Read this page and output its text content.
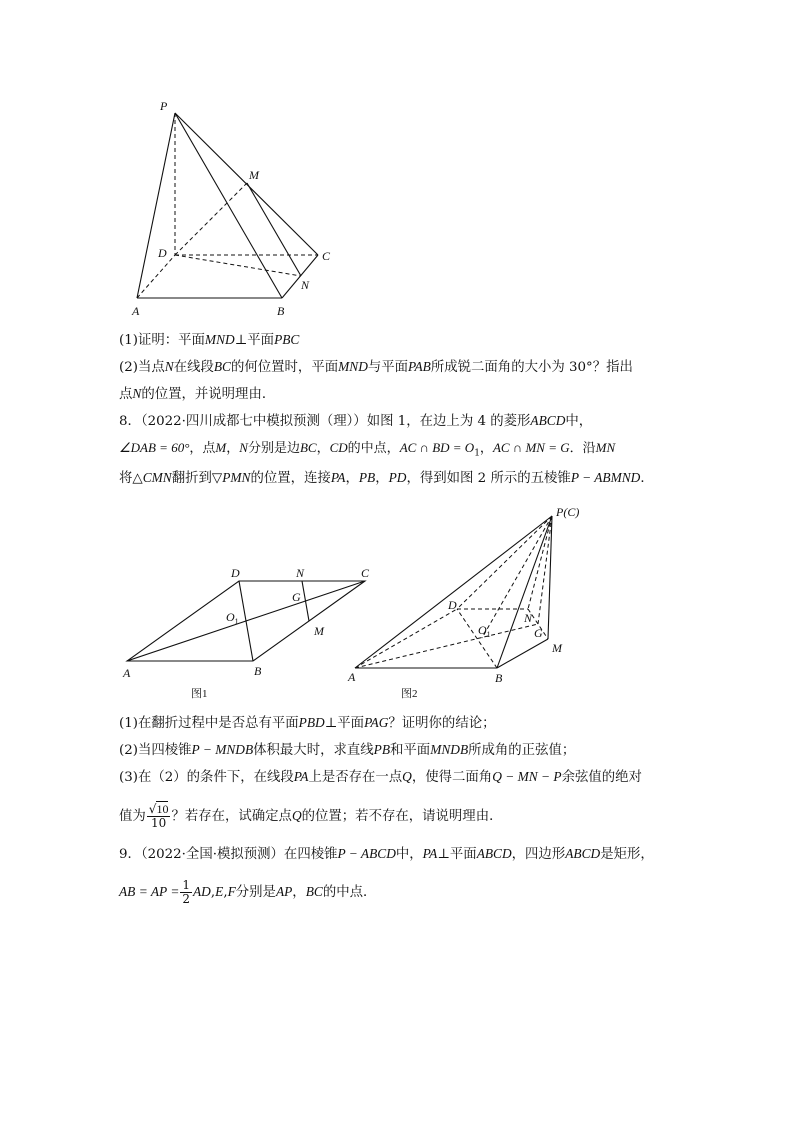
P
M
D	C
N
A	B
(1)证明：平面MND⊥平面PBC
(2)当点N在线段BC的何位置时，平面MND与平面PAB所成锐二面角的大小为 30°？指出
点N的位置，并说明理由．
8．（2022·四川成都七中模拟预测（理））如图 1，在边上为 4 的菱形ABCD中，
∠DAB = 60°，点M，N分别是边BC，CD的中点，AC ∩ BD = $O_1$，AC ∩ MN = G．沿MN
将△CMN翻折到▽PMN的位置，连接PA，PB，PD，得到如图 2 所示的五棱锥P − ABMND．
D	N	C
G
$O_1$
M
A	B
图1
P(C)
D
N
$O_1$	G
M
A	B
图2
(1)在翻折过程中是否总有平面PBD⊥平面PAG？证明你的结论；
(2)当四棱锥P − MNDB体积最大时，求直线PB和平面MNDB所成角的正弦值；
(3)在（2）的条件下，在线段PA上是否存在一点Q，使得二面角Q − MN − P余弦值的绝对
值为 $\frac{√10}{10}$ ？若存在，试确定点Q的位置；若不存在，请说明理由．
9．（2022·全国·模拟预测）在四棱锥P − ABCD中，PA⊥平面ABCD，四边形ABCD是矩形，
AB = AP = $\frac{1}{2} AD,E,F$分别是AP，BC的中点．
